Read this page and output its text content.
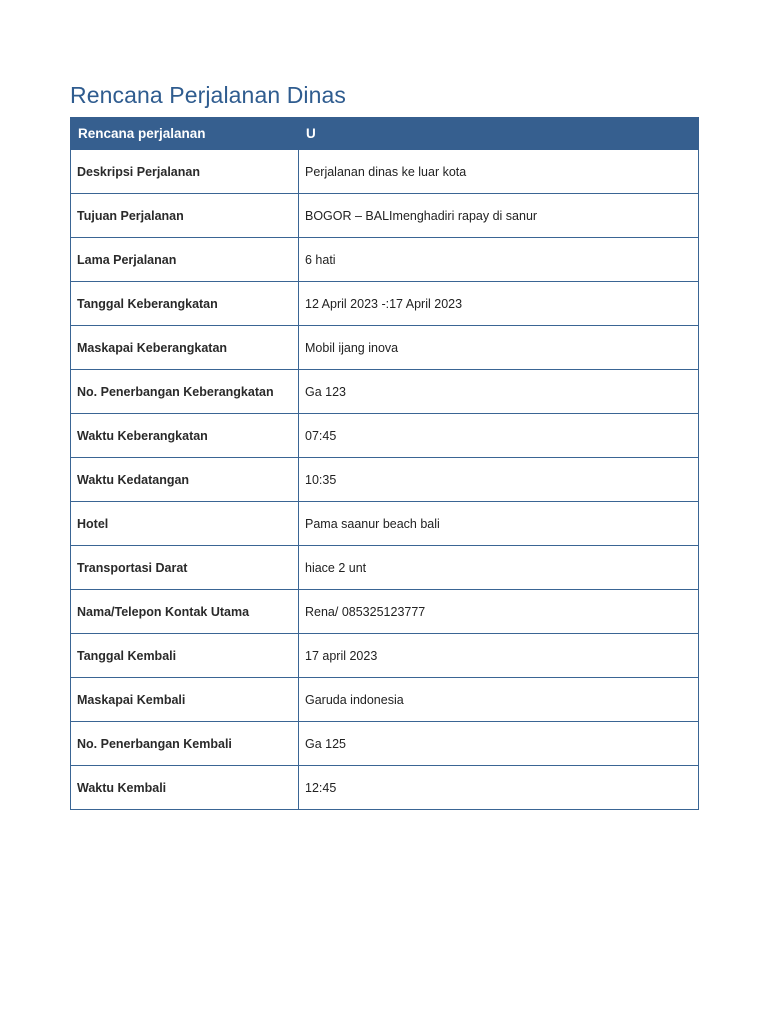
Rencana Perjalanan Dinas
Rencana perjalanan	U
Deskripsi Perjalanan	Perjalanan dinas ke luar kota
Tujuan Perjalanan	BOGOR – BALImenghadiri rapay di sanur
Lama Perjalanan	6 hati
Tanggal Keberangkatan	12 April 2023 -:17 April 2023
Maskapai Keberangkatan	Mobil ijang inova
No. Penerbangan Keberangkatan	Ga 123
Waktu Keberangkatan	07:45
Waktu Kedatangan	10:35
Hotel	Pama saanur beach bali
Transportasi Darat	hiace 2 unt
Nama/Telepon Kontak Utama	Rena/ 085325123777
Tanggal Kembali	17 april 2023
Maskapai Kembali	Garuda indonesia
No. Penerbangan Kembali	Ga 125
Waktu Kembali	12:45
